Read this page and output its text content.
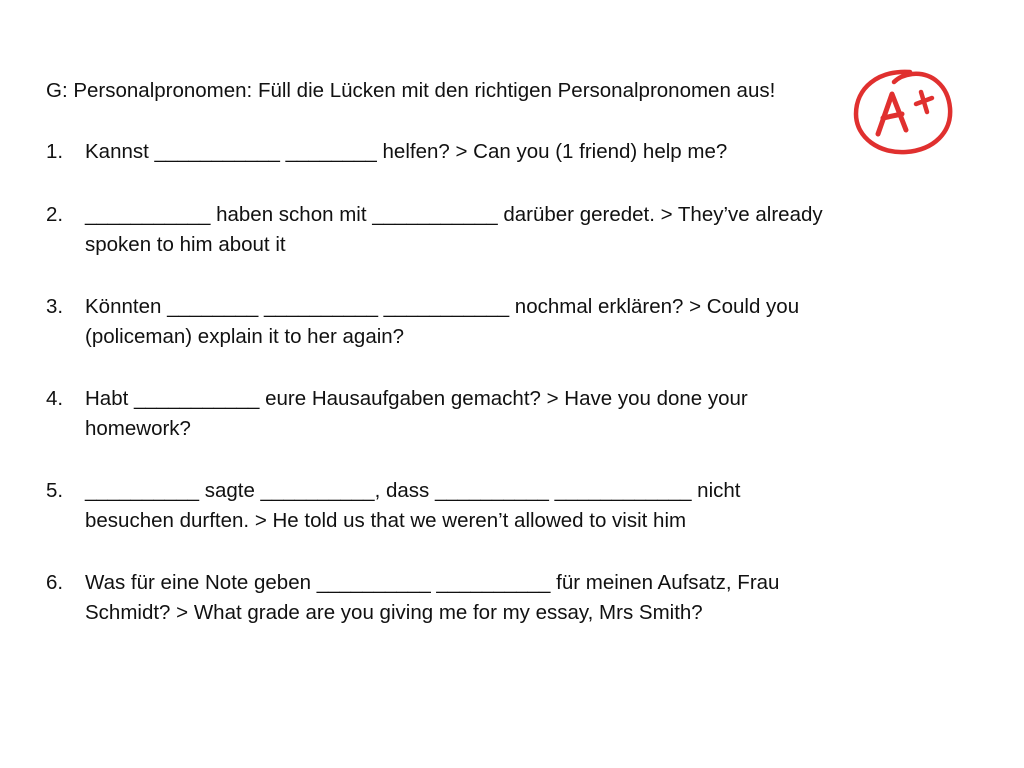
G: Personalpronomen: Füll die Lücken mit den richtigen Personalpronomen aus!
1.	Kannst ___________ ________ helfen? > Can you (1 friend) help me?
2.	___________ haben schon mit ___________ darüber geredet. > They’ve already
spoken to him about it
3.	Könnten ________ __________ ___________ nochmal erklären? > Could you
(policeman) explain it to her again?
4.	Habt ___________ eure Hausaufgaben gemacht? > Have you done your
homework?
5.	__________ sagte __________, dass __________ ____________ nicht
besuchen durften. > He told us that we weren’t allowed to visit him
6.	Was für eine Note geben __________ __________ für meinen Aufsatz, Frau
Schmidt? > What grade are you giving me for my essay, Mrs Smith?
